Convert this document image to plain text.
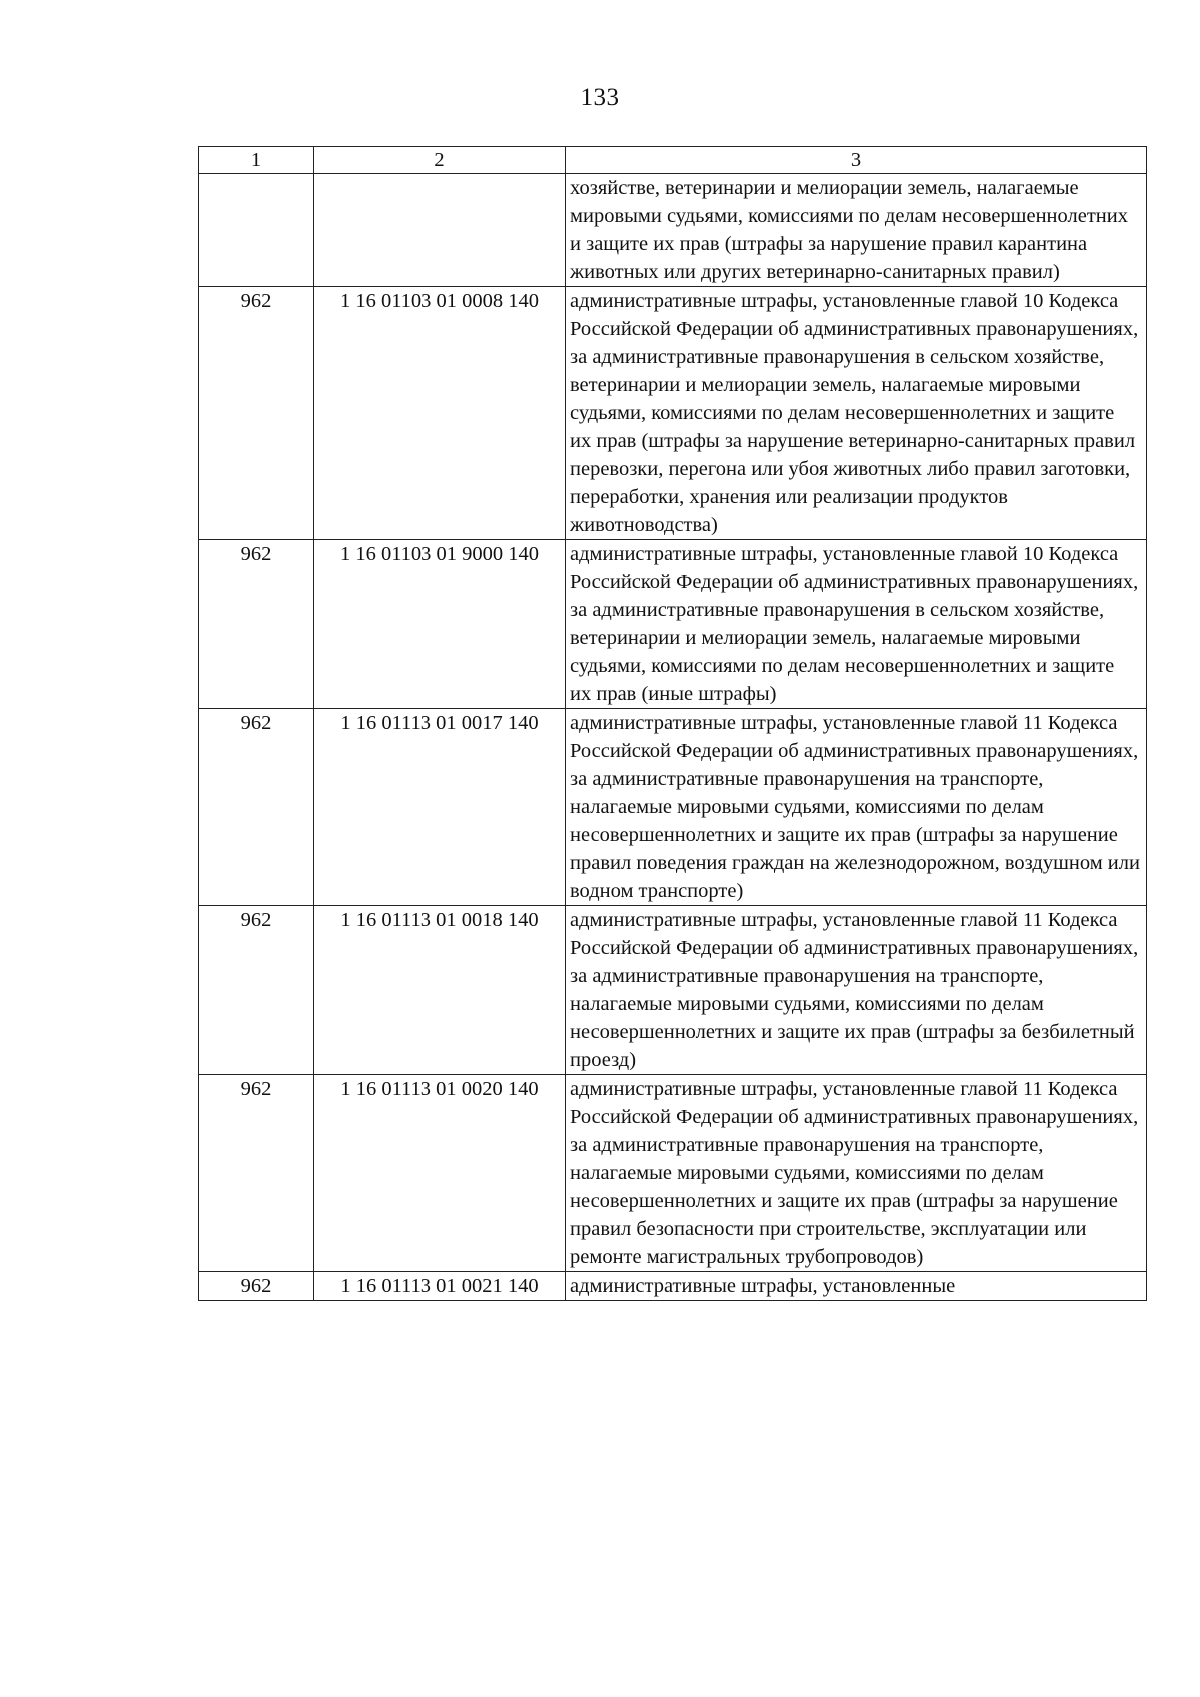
133
1	2	3
		хозяйстве, ветеринарии и мелиорации земель, налагаемые мировыми судьями, комиссиями по делам несовершеннолетних и защите их прав (штрафы за нарушение правил карантина животных или других ветеринарно-санитарных правил)
962	1 16 01103 01 0008 140	административные штрафы, установленные главой 10 Кодекса Российской Федерации об административных правонарушениях, за административные правонарушения в сельском хозяйстве, ветеринарии и мелиорации земель, налагаемые мировыми судьями, комиссиями по делам несовершеннолетних и защите их прав (штрафы за нарушение ветеринарно-санитарных правил перевозки, перегона или убоя животных либо правил заготовки, переработки, хранения или реализации продуктов животноводства)
962	1 16 01103 01 9000 140	административные штрафы, установленные главой 10 Кодекса Российской Федерации об административных правонарушениях, за административные правонарушения в сельском хозяйстве, ветеринарии и мелиорации земель, налагаемые мировыми судьями, комиссиями по делам несовершеннолетних и защите их прав (иные штрафы)
962	1 16 01113 01 0017 140	административные штрафы, установленные главой 11 Кодекса Российской Федерации об административных правонарушениях, за административные правонарушения на транспорте, налагаемые мировыми судьями, комиссиями по делам несовершеннолетних и защите их прав (штрафы за нарушение правил поведения граждан на железнодорожном, воздушном или водном транспорте)
962	1 16 01113 01 0018 140	административные штрафы, установленные главой 11 Кодекса Российской Федерации об административных правонарушениях, за административные правонарушения на транспорте, налагаемые мировыми судьями, комиссиями по делам несовершеннолетних и защите их прав (штрафы за безбилетный проезд)
962	1 16 01113 01 0020 140	административные штрафы, установленные главой 11 Кодекса Российской Федерации об административных правонарушениях, за административные правонарушения на транспорте, налагаемые мировыми судьями, комиссиями по делам несовершеннолетних и защите их прав (штрафы за нарушение правил безопасности при строительстве, эксплуатации или ремонте магистральных трубопроводов)
962	1 16 01113 01 0021 140	административные штрафы, установленные
